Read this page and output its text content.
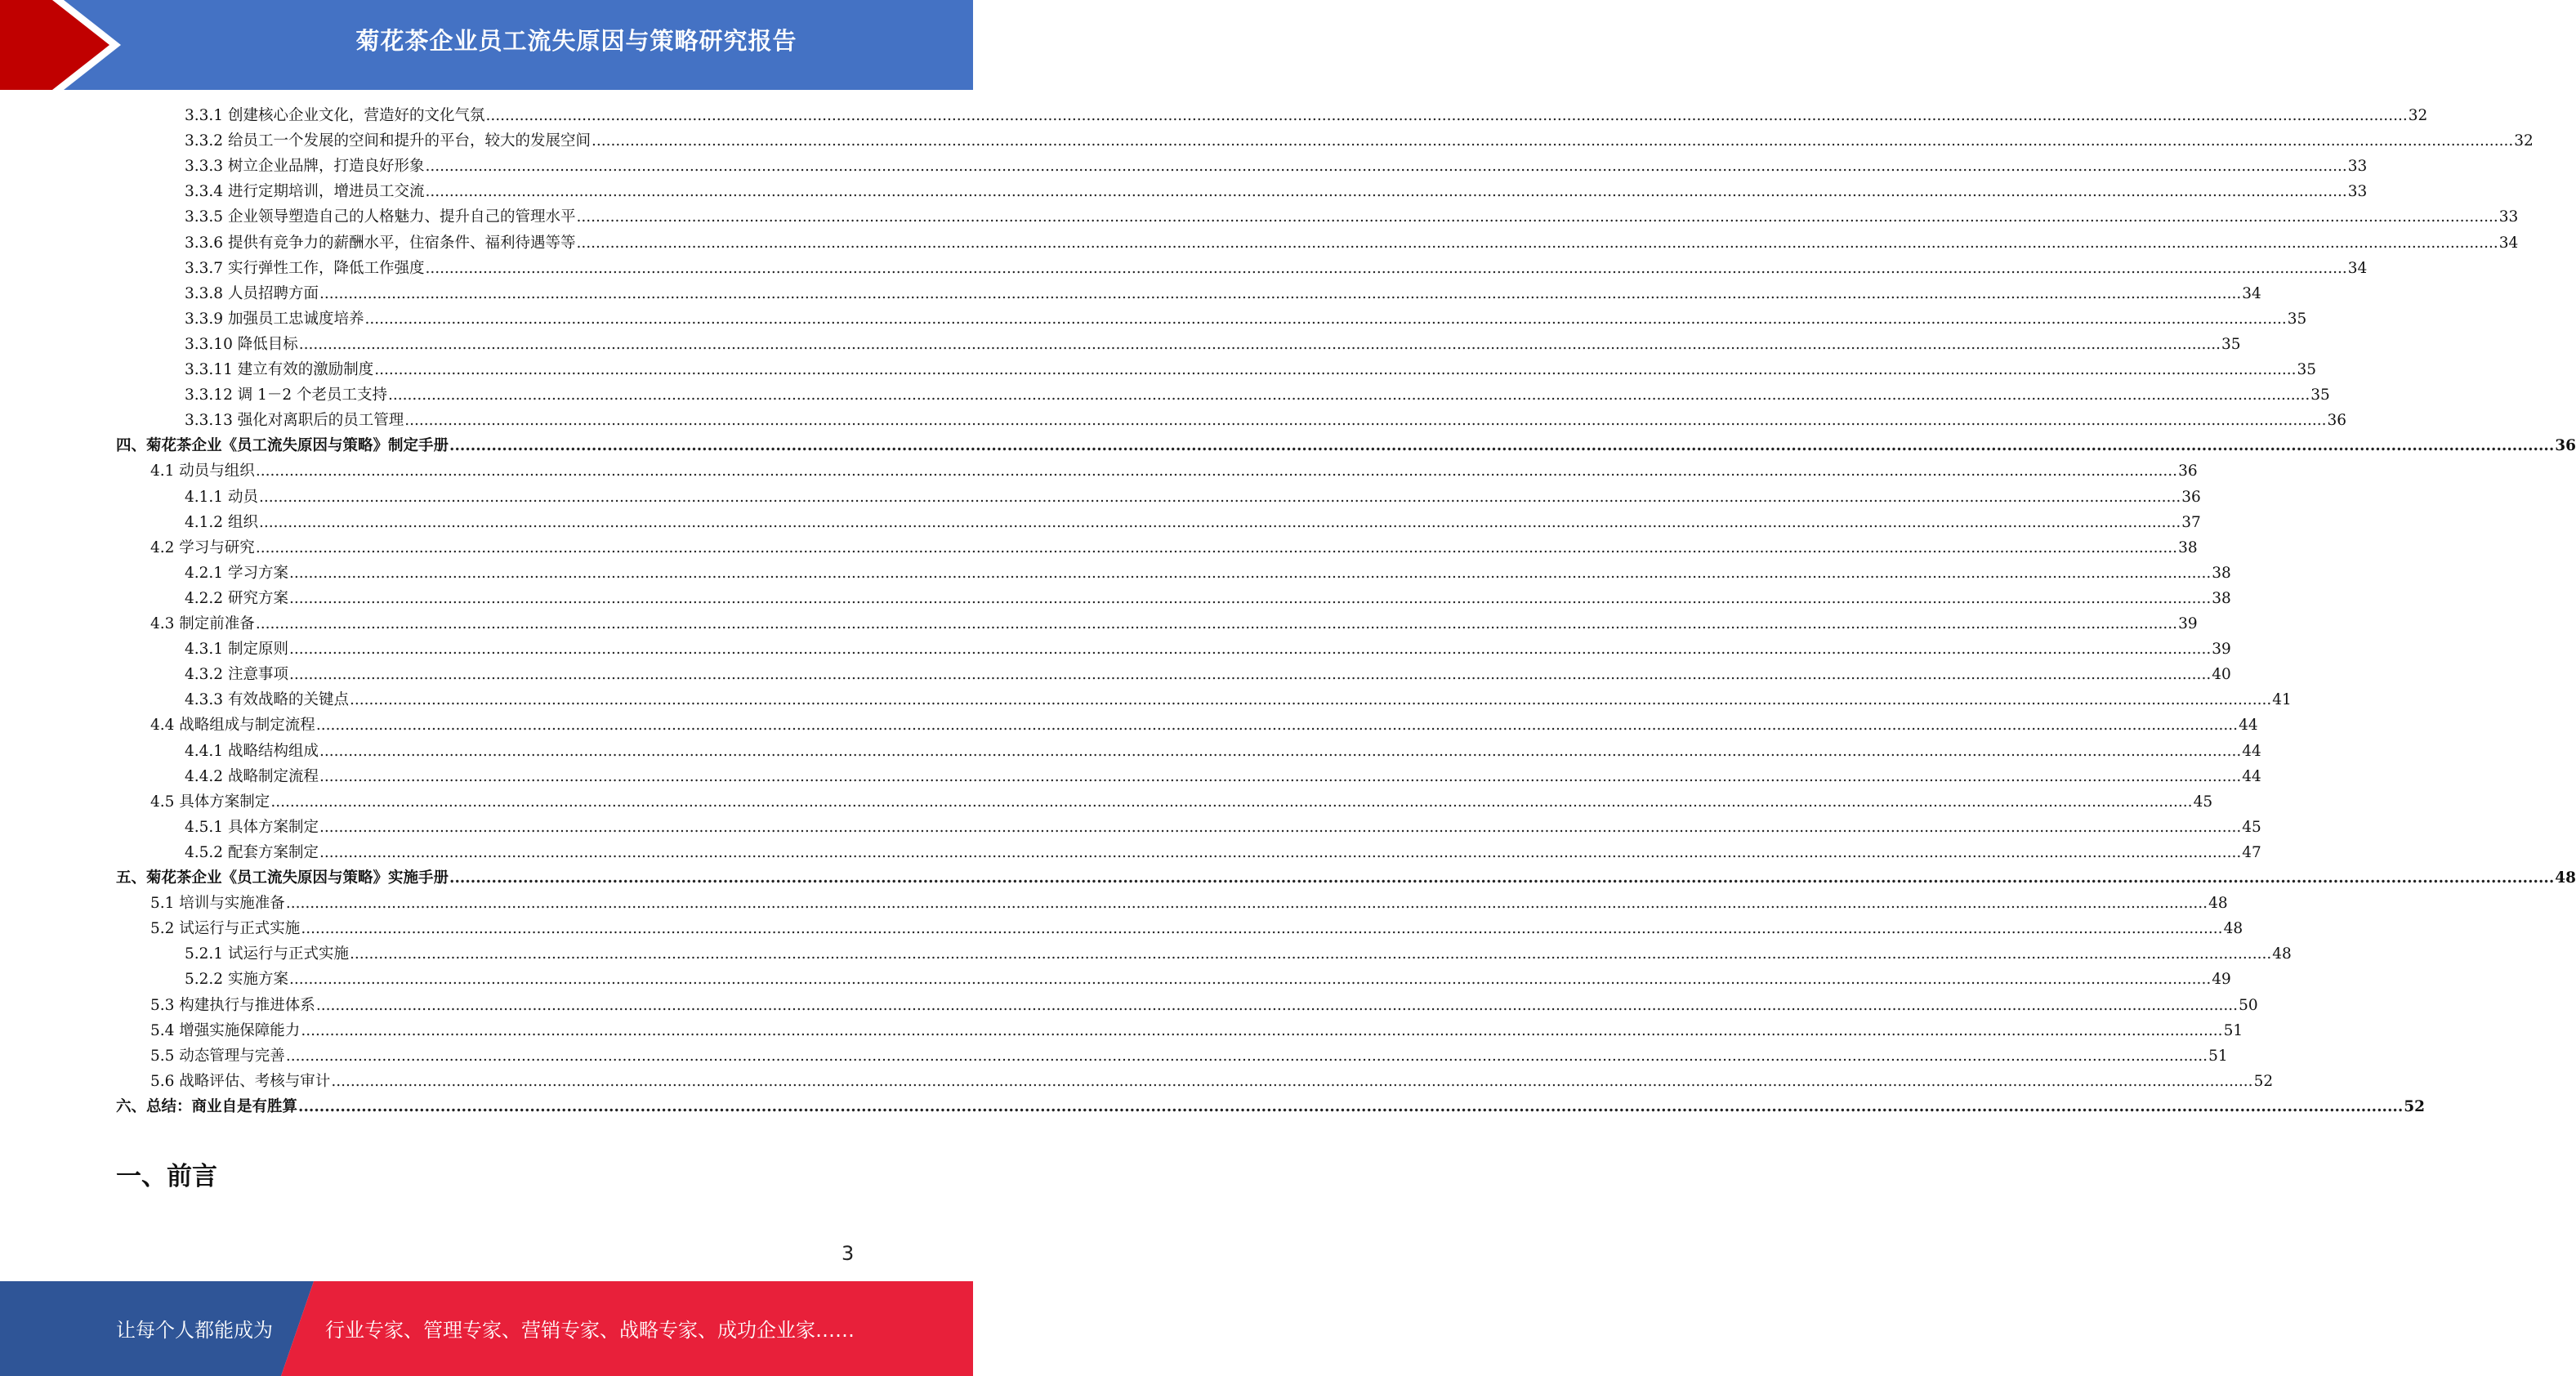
菊花茶企业员工流失原因与策略研究报告
3.3.1 创建核心企业文化，营造好的文化气氛 ................................................................................................................................................................................................................................................................................................................................................................................................................ 32
3.3.2 给员工一个发展的空间和提升的平台，较大的发展空间 ................................................................................................................................................................................................................................................................................................................................................................................................................ 32
3.3.3 树立企业品牌，打造良好形象 ................................................................................................................................................................................................................................................................................................................................................................................................................ 33
3.3.4 进行定期培训，增进员工交流 ................................................................................................................................................................................................................................................................................................................................................................................................................ 33
3.3.5 企业领导塑造自己的人格魅力、提升自己的管理水平 ................................................................................................................................................................................................................................................................................................................................................................................................................ 33
3.3.6 提供有竞争力的薪酬水平，住宿条件、福利待遇等等 ................................................................................................................................................................................................................................................................................................................................................................................................................ 34
3.3.7 实行弹性工作，降低工作强度 ................................................................................................................................................................................................................................................................................................................................................................................................................ 34
3.3.8 人员招聘方面 ................................................................................................................................................................................................................................................................................................................................................................................................................ 34
3.3.9 加强员工忠诚度培养 ................................................................................................................................................................................................................................................................................................................................................................................................................ 35
3.3.10 降低目标 ................................................................................................................................................................................................................................................................................................................................................................................................................ 35
3.3.11 建立有效的激励制度 ................................................................................................................................................................................................................................................................................................................................................................................................................ 35
3.3.12 调 1－2 个老员工支持 ................................................................................................................................................................................................................................................................................................................................................................................................................ 35
3.3.13 强化对离职后的员工管理 ................................................................................................................................................................................................................................................................................................................................................................................................................ 36
四、菊花茶企业《员工流失原因与策略》制定手册 ................................................................................................................................................................................................................................................................................................................................................................................................................ 36
4.1 动员与组织 ................................................................................................................................................................................................................................................................................................................................................................................................................ 36
4.1.1 动员 ................................................................................................................................................................................................................................................................................................................................................................................................................ 36
4.1.2 组织 ................................................................................................................................................................................................................................................................................................................................................................................................................ 37
4.2 学习与研究 ................................................................................................................................................................................................................................................................................................................................................................................................................ 38
4.2.1 学习方案 ................................................................................................................................................................................................................................................................................................................................................................................................................ 38
4.2.2 研究方案 ................................................................................................................................................................................................................................................................................................................................................................................................................ 38
4.3 制定前准备 ................................................................................................................................................................................................................................................................................................................................................................................................................ 39
4.3.1 制定原则 ................................................................................................................................................................................................................................................................................................................................................................................................................ 39
4.3.2 注意事项 ................................................................................................................................................................................................................................................................................................................................................................................................................ 40
4.3.3 有效战略的关键点 ................................................................................................................................................................................................................................................................................................................................................................................................................ 41
4.4 战略组成与制定流程 ................................................................................................................................................................................................................................................................................................................................................................................................................ 44
4.4.1 战略结构组成 ................................................................................................................................................................................................................................................................................................................................................................................................................ 44
4.4.2 战略制定流程 ................................................................................................................................................................................................................................................................................................................................................................................................................ 44
4.5 具体方案制定 ................................................................................................................................................................................................................................................................................................................................................................................................................ 45
4.5.1 具体方案制定 ................................................................................................................................................................................................................................................................................................................................................................................................................ 45
4.5.2 配套方案制定 ................................................................................................................................................................................................................................................................................................................................................................................................................ 47
五、菊花茶企业《员工流失原因与策略》实施手册 ................................................................................................................................................................................................................................................................................................................................................................................................................ 48
5.1 培训与实施准备 ................................................................................................................................................................................................................................................................................................................................................................................................................ 48
5.2 试运行与正式实施 ................................................................................................................................................................................................................................................................................................................................................................................................................ 48
5.2.1 试运行与正式实施 ................................................................................................................................................................................................................................................................................................................................................................................................................ 48
5.2.2 实施方案 ................................................................................................................................................................................................................................................................................................................................................................................................................ 49
5.3 构建执行与推进体系 ................................................................................................................................................................................................................................................................................................................................................................................................................ 50
5.4 增强实施保障能力 ................................................................................................................................................................................................................................................................................................................................................................................................................ 51
5.5 动态管理与完善 ................................................................................................................................................................................................................................................................................................................................................................................................................ 51
5.6 战略评估、考核与审计 ................................................................................................................................................................................................................................................................................................................................................................................................................ 52
六、总结：商业自是有胜算 ................................................................................................................................................................................................................................................................................................................................................................................................................ 52
一、前言
3
让每个人都能成为	行业专家、管理专家、营销专家、战略专家、成功企业家……
